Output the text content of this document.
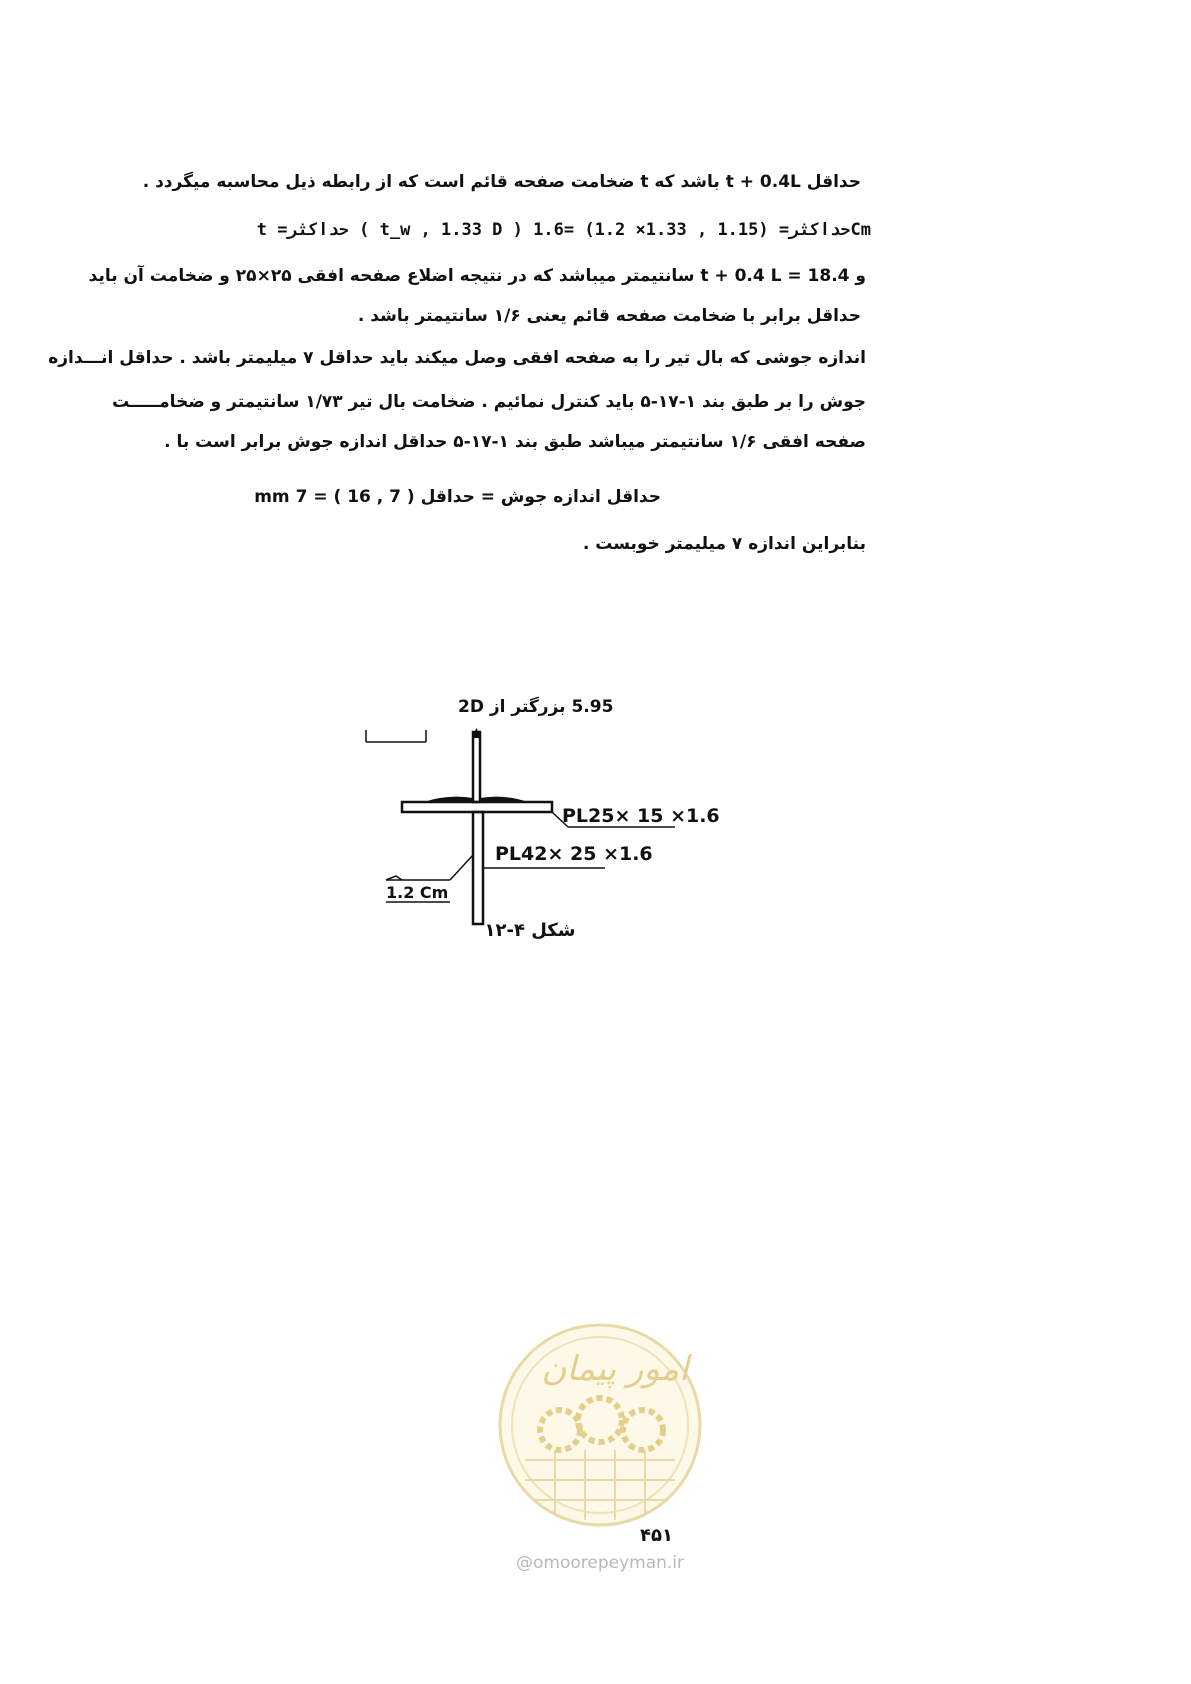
حداقل t + 0.4L باشد که t ضخامت صفحه قائم است که از رابطه ذیل محاسبه میگردد .
t =حداکثر ( t_w , 1.33 D ) حداکثر= (1.15 , 1.33× 1.2) =1.6Cm
و 18.4 = t + 0.4 L سانتیمتر میباشد که در نتیجه اضلاع صفحه افقی ۲۵×۲۵ و ضخامت آن باید
حداقل برابر با ضخامت صفحه قائم یعنی ۱/۶ سانتیمتر باشد .
اندازه جوشی که بال تیر را به صفحه افقی وصل میکند باید حداقل ۷ میلیمتر باشد . حداقل انـــدازه
جوش را بر طبق بند ۱-۱۷-۵ باید کنترل نمائیم . ضخامت بال تیر ۱/۷۳ سانتیمتر و ضخامـــــت
صفحه افقی ۱/۶ سانتیمتر میباشد طبق بند ۱-۱۷-۵ حداقل اندازه جوش برابر است با .
حداقل اندازه جوش = حداقل ( 7 , 16 ) = 7 mm
بنابراین اندازه ۷ میلیمتر خوبست .
5.95 بزرگتر از 2D
PL25× 15 ×1.6
PL42× 25 ×1.6
1.2 Cm
شکل ۴-۱۲
امور پیمان
۴۵۱
@omoorepeyman.ir
